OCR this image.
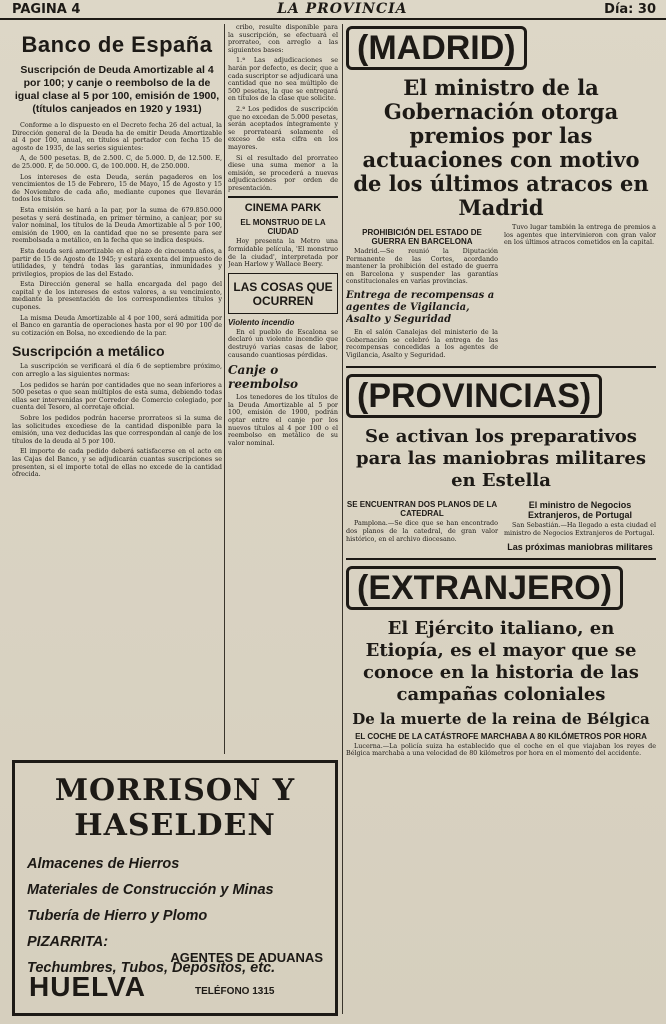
PAGINA 4	LA PROVINCIA	Día: 30
Banco de España
Suscripción de Deuda Amortizable al 4 por 100; y canje o reembolso de la de igual clase al 5 por 100, emisión de 1900, (títulos canjeados en 1920 y 1931)

Conforme a lo dispuesto en el Decreto fecha 26 del actual, la Dirección general de la Deuda ha de emitir Deuda Amortizable al 4 por 100, anual, en títulos al portador con fecha 15 de agosto de 1935, de las series siguientes:

A, de 500 pesetas. B, de 2.500. C, de 5.000. D, de 12.500. E, de 25.000. F, de 50.000. G, de 100.000. H, de 250.000.

Los intereses de esta Deuda, serán pagaderos en los vencimientos de 15 de Febrero, 15 de Mayo, 15 de Agosto y 15 de Noviembre de cada año, mediante cupones que llevarán todos los títulos.

Esta emisión se hará a la par, por la suma de 679.850.000 pesetas y será destinada, en primer término, a canjear, por su valor nominal, los títulos de la Deuda Amortizable al 5 por 100, emisión de 1900, en la cantidad que no se presente para ser reembolsada a metálico, en la fecha que se indica después.

Esta deuda será amortizable en el plazo de cincuenta años, a partir de 15 de Agosto de 1945; y estará exenta del impuesto de utilidades, y tendrá todas las garantías, inmunidades y privilegios, propios de las del Estado.

Esta Dirección general se halla encargada del pago del capital y de los intereses de estos valores, a su vencimiento, mediante la presentación de los correspondientes títulos y cupones.

La misma Deuda Amortizable al 4 por 100, será admitida por el Banco en garantía de operaciones hasta por el 90 por 100 de su cotización en Bolsa, no excediendo de la par.

Suscripción a metálico

La suscripción se verificará el día 6 de septiembre próximo, con arreglo a las siguientes normas:

Los pedidos se harán por cantidades que no sean inferiores a 500 pesetas o que sean múltiplos de esta suma, debiendo todas ellas ser intervenidas por Corredor de Comercio colegiado, por cuenta del Tesoro, al corretaje oficial.

Sobre los pedidos podrán hacerse prorrateos si la suma de las solicitudes excediese de la cantidad disponible para la emisión, una vez deducidas las que correspondan al canje de los títulos de la deuda al 5 por 100.

El importe de cada pedido deberá satisfacerse en el acto en las Cajas del Banco, y se adjudicarán cuantas suscripciones se presenten, si el importe total de ellas no excede de la cantidad ofrecida.

cribo, resulte disponible para la suscripción, se efectuará el prorrateo, con arreglo a las siguientes bases:

1.ª Las adjudicaciones se harán por defecto, es decir, que a cada suscriptor se adjudicará una cantidad que no sea múltiplo de 500 pesetas, la que se entregará en títulos de la clase que solicite.

2.ª Los pedidos de suscripción que no excedan de 5.000 pesetas, serán aceptados íntegramente y se prorrateará solamente el exceso de esta cifra en los mayores.

Si el resultado del prorrateo diese una suma menor a la emisión, se procederá a nuevas adjudicaciones por orden de presentación.

CINEMA PARK
EL MONSTRUO DE LA CIUDAD

Hoy presenta la Metro una formidable película, 'El monstruo de la ciudad', interpretada por Jean Harlow y Wallace Beery.

LAS COSAS QUE OCURREN
Violento incendio

En el pueblo de Escalona se declaró un violento incendio que destruyó varias casas de labor, causando cuantiosas pérdidas.

Canje o reembolso

Los tenedores de los títulos de la Deuda Amortizable al 5 por 100, emisión de 1900, podrán optar entre el canje por los nuevos títulos al 4 por 100 o el reembolso en metálico de su valor nominal.

(MADRID)
El ministro de la Gobernación otorga premios por las actuaciones con motivo de los últimos atracos en Madrid
PROHIBICIÓN DEL ESTADO DE GUERRA EN BARCELONA

Madrid.—Se reunió la Diputación Permanente de las Cortes, acordando mantener la prohibición del estado de guerra en Barcelona y suspender las garantías constitucionales en varias provincias.

Entrega de recompensas a agentes de Vigilancia, Asalto y Seguridad

En el salón Canalejas del ministerio de la Gobernación se celebró la entrega de las recompensas concedidas a los agentes de Vigilancia, Asalto y Seguridad.

Tuvo lugar también la entrega de premios a los agentes que intervinieron con gran valor en los últimos atracos cometidos en la capital.

(PROVINCIAS)
Se activan los preparativos para las maniobras militares en Estella
SE ENCUENTRAN DOS PLANOS DE LA CATEDRAL

Pamplona.—Se dice que se han encontrado dos planos de la catedral, de gran valor histórico, en el archivo diocesano.

El ministro de Negocios Extranjeros, de Portugal

San Sebastián.—Ha llegado a esta ciudad el ministro de Negocios Extranjeros de Portugal.

Las próximas maniobras militares
(EXTRANJERO)
El Ejército italiano, en Etiopía, es el mayor que se conoce en la historia de las campañas coloniales
De la muerte de la reina de Bélgica
EL COCHE DE LA CATÁSTROFE MARCHABA A 80 KILÓMETROS POR HORA

Lucerna.—La policía suiza ha establecido que el coche en el que viajaban los reyes de Bélgica marchaba a una velocidad de 80 kilómetros por hora en el momento del accidente.

MORRISON Y HASELDEN
Almacenes de Hierros
Materiales de Construcción y Minas
Tubería de Hierro y Plomo
PIZARRITA:
Techumbres, Tubos, Depósitos, etc.
AGENTES DE ADUANAS
HUELVA	TELÉFONO 1315
